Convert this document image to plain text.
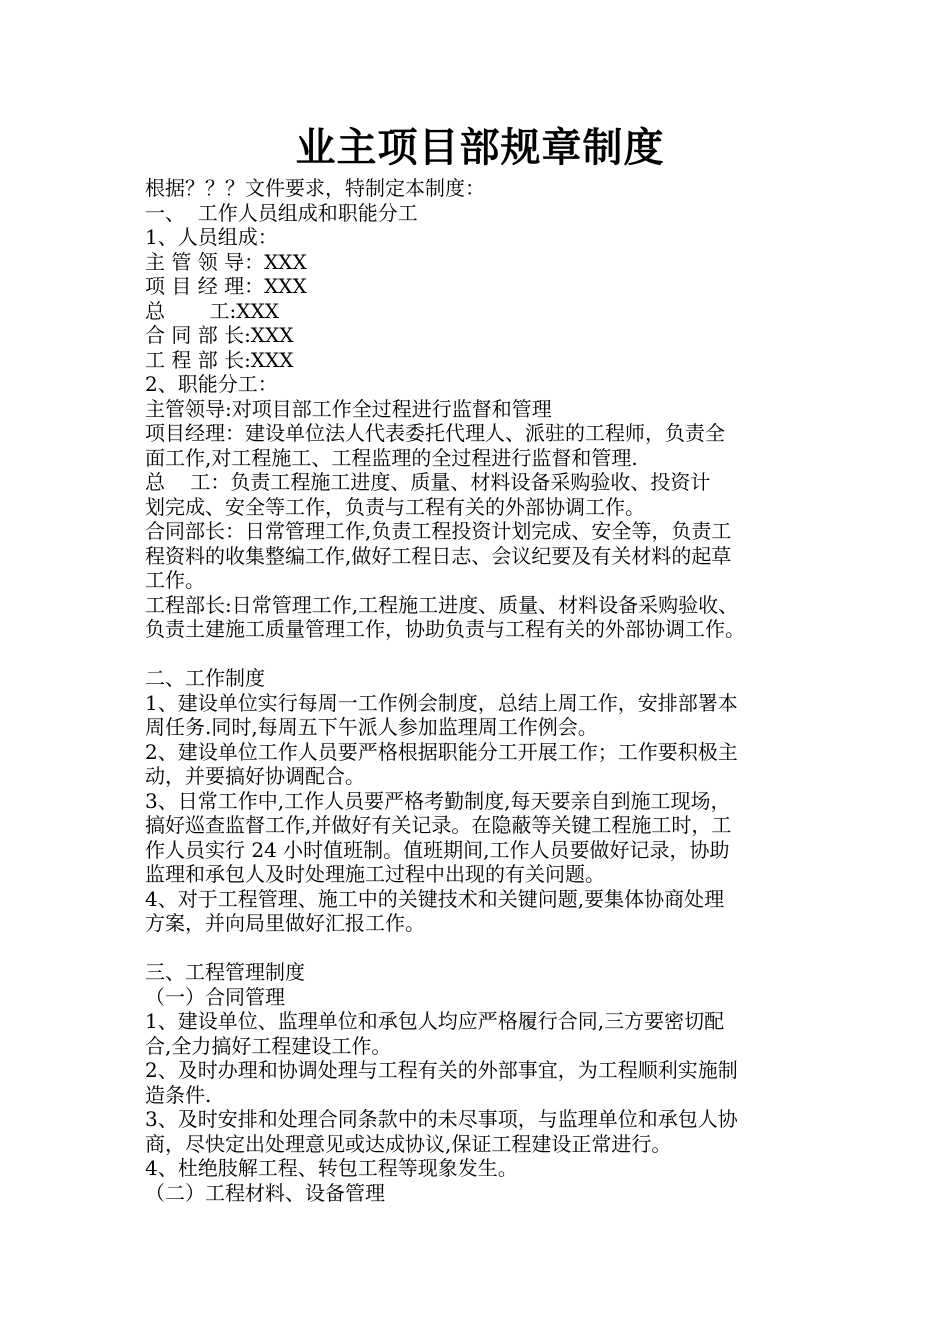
业主项目部规章制度

根据？？？文件要求，特制定本制度：

一、  工作人员组成和职能分工

1、人员组成：

主 管 领 导：XXX

项 目 经 理：XXX

总       工:XXX

合 同 部 长:XXX

工 程 部 长:XXX

2、职能分工：

主管领导:对项目部工作全过程进行监督和管理

项目经理：建设单位法人代表委托代理人、派驻的工程师，负责全

面工作,对工程施工、工程监理的全过程进行监督和管理.

总    工：负责工程施工进度、质量、材料设备采购验收、投资计

划完成、安全等工作，负责与工程有关的外部协调工作。

合同部长：日常管理工作,负责工程投资计划完成、安全等，负责工

程资料的收集整编工作,做好工程日志、会议纪要及有关材料的起草

工作。

工程部长:日常管理工作,工程施工进度、质量、材料设备采购验收、

负责土建施工质量管理工作，协助负责与工程有关的外部协调工作。

二、工作制度

1、建设单位实行每周一工作例会制度，总结上周工作，安排部署本

周任务.同时,每周五下午派人参加监理周工作例会。

2、建设单位工作人员要严格根据职能分工开展工作；工作要积极主

动，并要搞好协调配合。

3、日常工作中,工作人员要严格考勤制度,每天要亲自到施工现场，

搞好巡查监督工作,并做好有关记录。在隐蔽等关键工程施工时，工

作人员实行 24 小时值班制。值班期间,工作人员要做好记录，协助

监理和承包人及时处理施工过程中出现的有关问题。

4、对于工程管理、施工中的关键技术和关键问题,要集体协商处理

方案，并向局里做好汇报工作。

三、工程管理制度

（一）合同管理

1、建设单位、监理单位和承包人均应严格履行合同,三方要密切配

合,全力搞好工程建设工作。

2、及时办理和协调处理与工程有关的外部事宜，为工程顺利实施制

造条件.

3、及时安排和处理合同条款中的未尽事项，与监理单位和承包人协

商，尽快定出处理意见或达成协议,保证工程建设正常进行。

4、杜绝肢解工程、转包工程等现象发生。

（二）工程材料、设备管理
